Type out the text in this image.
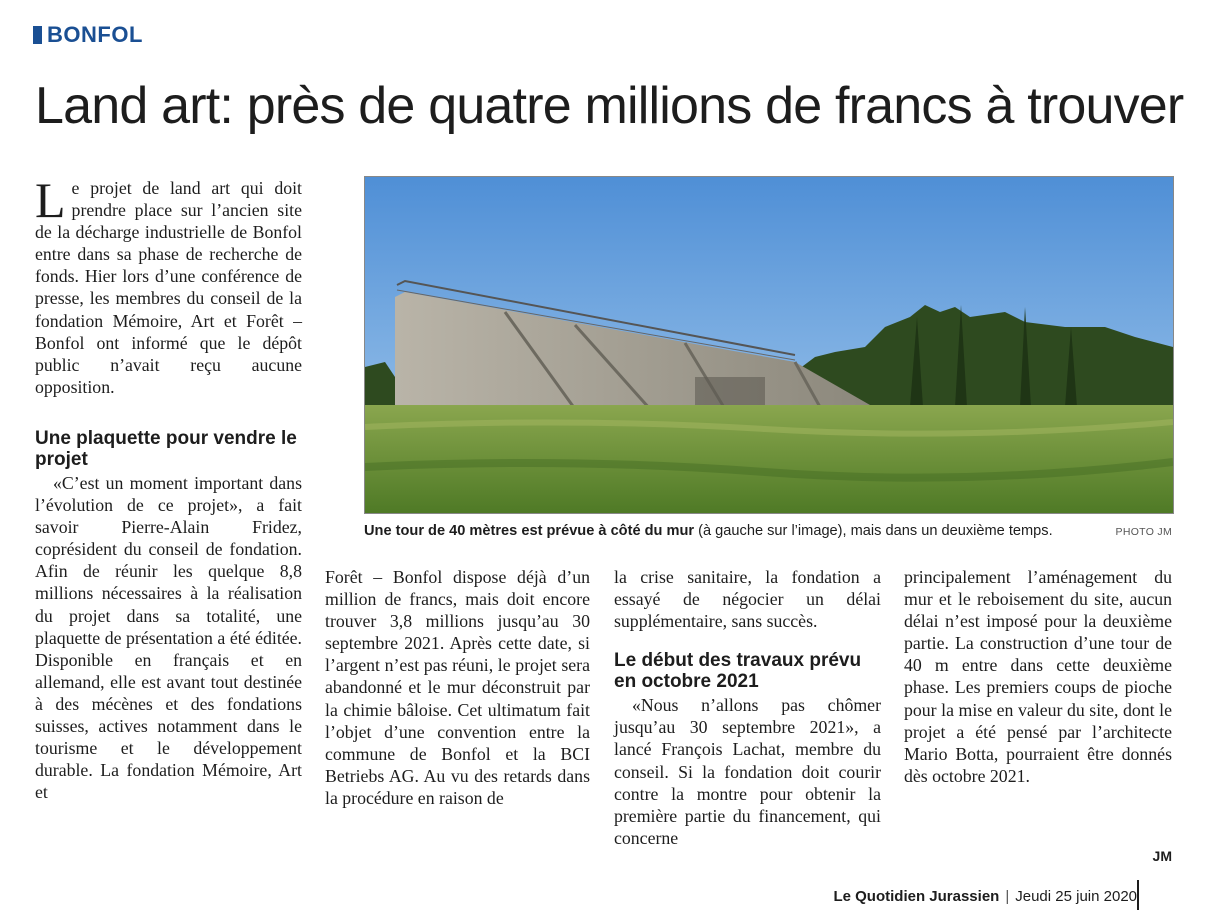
BONFOL
Land art: près de quatre millions de francs à trouver

Le projet de land art qui doit prendre place sur l’ancien site de la décharge industrielle de Bonfol entre dans sa phase de recherche de fonds. Hier lors d’une conférence de presse, les membres du conseil de la fondation Mémoire, Art et Forêt – Bonfol ont informé que le dépôt public n’avait reçu aucune opposition.

Une plaquette pour vendre le projet

«C’est un moment important dans l’évolution de ce projet», a fait savoir Pierre-Alain Fridez, coprésident du conseil de fondation. Afin de réunir les quelque 8,8 millions nécessaires à la réalisation du projet dans sa totalité, une plaquette de présentation a été éditée. Disponible en français et en allemand, elle est avant tout destinée à des mécènes et des fondations suisses, actives notamment dans le tourisme et le développement durable. La fondation Mémoire, Art et

Une tour de 40 mètres est prévue à côté du mur (à gauche sur l’image), mais dans un deuxième temps.	PHOTO JM

Forêt – Bonfol dispose déjà d’un million de francs, mais doit encore trouver 3,8 millions jusqu’au 30 septembre 2021. Après cette date, si l’argent n’est pas réuni, le projet sera abandonné et le mur déconstruit par la chimie bâloise. Cet ultimatum fait l’objet d’une convention entre la commune de Bonfol et la BCI Betriebs AG. Au vu des retards dans la procédure en raison de

la crise sanitaire, la fondation a essayé de négocier un délai supplémentaire, sans succès.

Le début des travaux prévu en octobre 2021

«Nous n’allons pas chômer jusqu’au 30 septembre 2021», a lancé François Lachat, membre du conseil. Si la fondation doit courir contre la montre pour obtenir la première partie du financement, qui concerne

principalement l’aménagement du mur et le reboisement du site, aucun délai n’est imposé pour la deuxième partie. La construction d’une tour de 40 m entre dans cette deuxième phase. Les premiers coups de pioche pour la mise en valeur du site, dont le projet a été pensé par l’architecte Mario Botta, pourraient être donnés dès octobre 2021.

JM
Le Quotidien Jurassien | Jeudi 25 juin 2020
